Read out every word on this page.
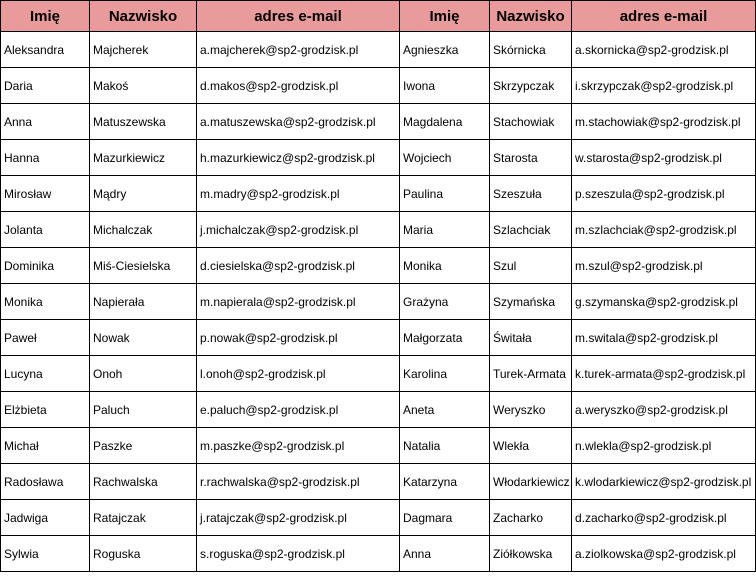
Imię	Nazwisko	adres e-mail	Imię	Nazwisko	adres e-mail
Aleksandra	Majcherek	a.majcherek@sp2-grodzisk.pl	Agnieszka	Skórnicka	a.skornicka@sp2-grodzisk.pl
Daria	Makoś	d.makos@sp2-grodzisk.pl	Iwona	Skrzypczak	i.skrzypczak@sp2-grodzisk.pl
Anna	Matuszewska	a.matuszewska@sp2-grodzisk.pl	Magdalena	Stachowiak	m.stachowiak@sp2-grodzisk.pl
Hanna	Mazurkiewicz	h.mazurkiewicz@sp2-grodzisk.pl	Wojciech	Starosta	w.starosta@sp2-grodzisk.pl
Mirosław	Mądry	m.madry@sp2-grodzisk.pl	Paulina	Szeszuła	p.szeszula@sp2-grodzisk.pl
Jolanta	Michalczak	j.michalczak@sp2-grodzisk.pl	Maria	Szlachciak	m.szlachciak@sp2-grodzisk.pl
Dominika	Miś-Ciesielska	d.ciesielska@sp2-grodzisk.pl	Monika	Szul	m.szul@sp2-grodzisk.pl
Monika	Napierała	m.napierala@sp2-grodzisk.pl	Grażyna	Szymańska	g.szymanska@sp2-grodzisk.pl
Paweł	Nowak	p.nowak@sp2-grodzisk.pl	Małgorzata	Świtała	m.switala@sp2-grodzisk.pl
Lucyna	Onoh	l.onoh@sp2-grodzisk.pl	Karolina	Turek-Armata	k.turek-armata@sp2-grodzisk.pl
Elżbieta	Paluch	e.paluch@sp2-grodzisk.pl	Aneta	Weryszko	a.weryszko@sp2-grodzisk.pl
Michał	Paszke	m.paszke@sp2-grodzisk.pl	Natalia	Wlekła	n.wlekla@sp2-grodzisk.pl
Radosława	Rachwalska	r.rachwalska@sp2-grodzisk.pl	Katarzyna	Włodarkiewicz	k.wlodarkiewicz@sp2-grodzisk.pl
Jadwiga	Ratajczak	j.ratajczak@sp2-grodzisk.pl	Dagmara	Zacharko	d.zacharko@sp2-grodzisk.pl
Sylwia	Roguska	s.roguska@sp2-grodzisk.pl	Anna	Ziółkowska	a.ziolkowska@sp2-grodzisk.pl
